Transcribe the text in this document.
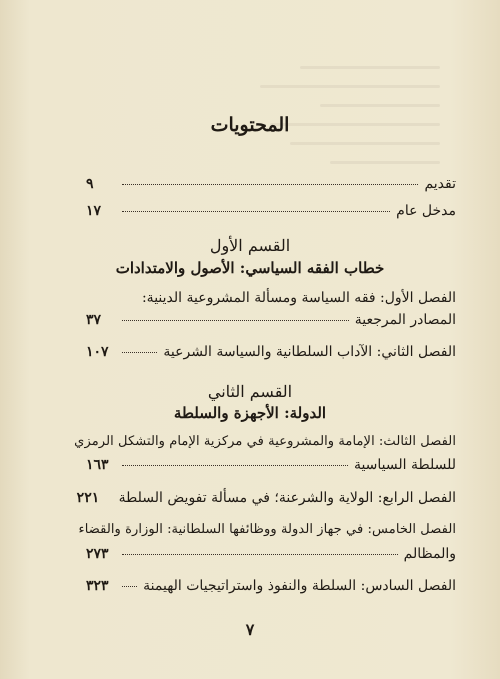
المحتويات
تقديم
٩
مدخل عام
١٧
القسم الأول
خطاب الفقه السياسي: الأصول والامتدادات
الفصل الأول: فقه السياسة ومسألة المشروعية الدينية:
المصادر المرجعية
٣٧
الفصل الثاني: الآداب السلطانية والسياسة الشرعية
١٠٧
القسم الثاني
الدولة: الأجهزة والسلطة
الفصل الثالث: الإمامة والمشروعية في مركزية الإمام والتشكل الرمزي
للسلطة السياسية
١٦٣
الفصل الرابع: الولاية والشرعنة؛ في مسألة تفويض السلطة
٢٢١
الفصل الخامس: في جهاز الدولة ووظائفها السلطانية: الوزارة والقضاء
والمظالم
٢٧٣
الفصل السادس: السلطة والنفوذ واستراتيجيات الهيمنة
٣٢٣
٧
